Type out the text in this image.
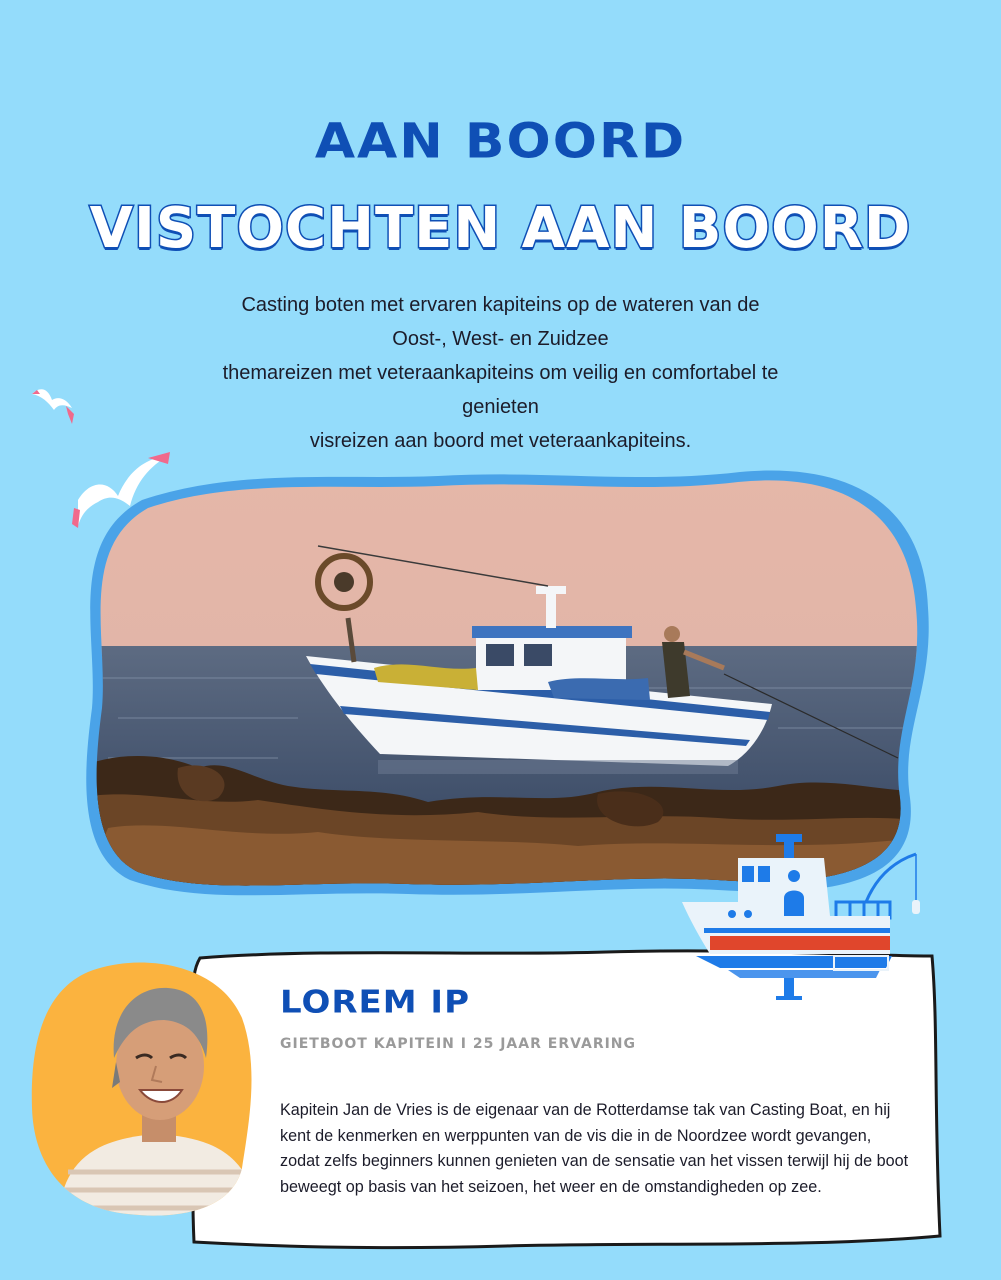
AAN BOORD
VISTOCHTEN AAN BOORD

Casting boten met ervaren kapiteins op de wateren van de
Oost-, West- en Zuidzee
themareizen met veteraankapiteins om veilig en comfortabel te
genieten
visreizen aan boord met veteraankapiteins.

LOREM IP

GIETBOOT KAPITEIN I 25 JAAR ERVARING

Kapitein Jan de Vries is de eigenaar van de Rotterdamse tak van Casting Boat, en hij kent de kenmerken en werppunten van de vis die in de Noordzee wordt gevangen, zodat zelfs beginners kunnen genieten van de sensatie van het vissen terwijl hij de boot beweegt op basis van het seizoen, het weer en de omstandigheden op zee.
